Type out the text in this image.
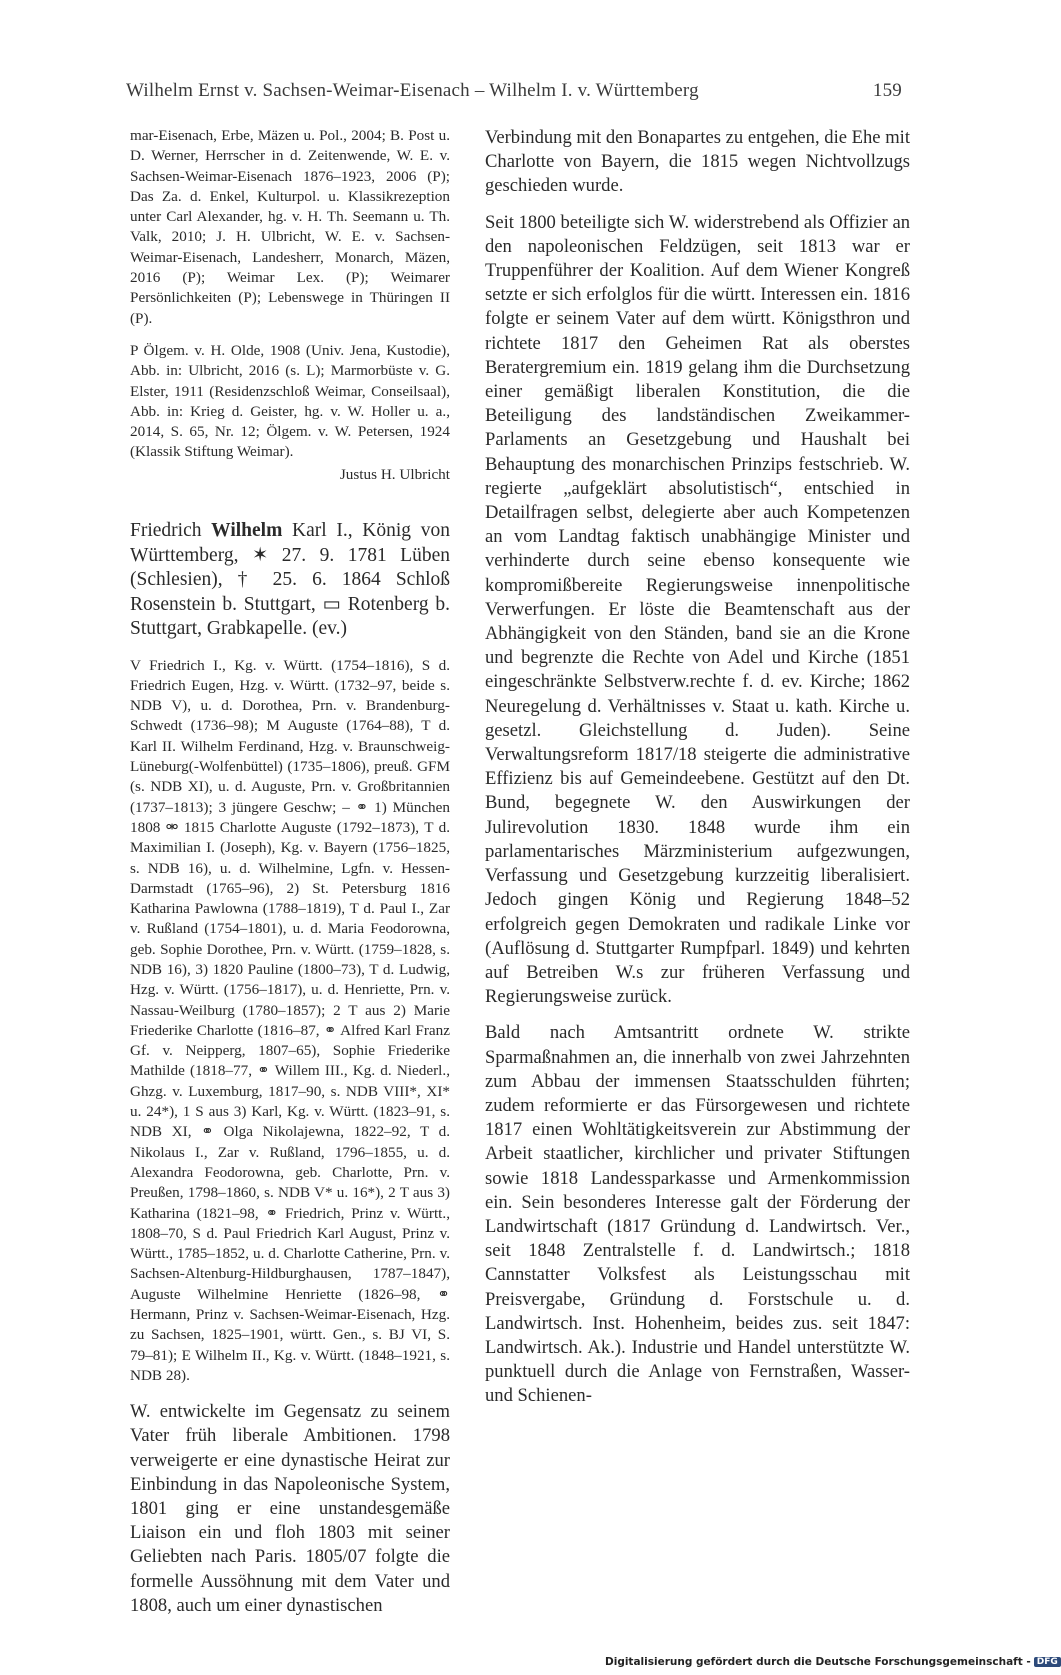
Wilhelm Ernst v. Sachsen-Weimar-Eisenach – Wilhelm I. v. Württemberg	159

mar-Eisenach, Erbe, Mäzen u. Pol., 2004; B. Post u. D. Werner, Herrscher in d. Zeitenwende, W. E. v. Sachsen-Weimar-Eisenach 1876–1923, 2006 (P); Das Za. d. Enkel, Kulturpol. u. Klassikrezeption unter Carl Alexander, hg. v. H. Th. Seemann u. Th. Valk, 2010; J. H. Ulbricht, W. E. v. Sachsen-Weimar-Eisenach, Landesherr, Monarch, Mäzen, 2016 (P); Weimar Lex. (P); Weimarer Persönlichkeiten (P); Lebenswege in Thüringen II (P).

P Ölgem. v. H. Olde, 1908 (Univ. Jena, Kustodie), Abb. in: Ulbricht, 2016 (s. L); Marmorbüste v. G. Elster, 1911 (Residenzschloß Weimar, Conseilsaal), Abb. in: Krieg d. Geister, hg. v. W. Holler u. a., 2014, S. 65, Nr. 12; Ölgem. v. W. Petersen, 1924 (Klassik Stiftung Weimar).

Justus H. Ulbricht

Friedrich Wilhelm Karl I., König von Württemberg, ✶ 27. 9. 1781 Lüben (Schlesien), † 25. 6. 1864 Schloß Rosenstein b. Stuttgart, ▭ Rotenberg b. Stuttgart, Grabkapelle. (ev.)

V Friedrich I., Kg. v. Württ. (1754–1816), S d. Friedrich Eugen, Hzg. v. Württ. (1732–97, beide s. NDB V), u. d. Dorothea, Prn. v. Brandenburg-Schwedt (1736–98); M Auguste (1764–88), T d. Karl II. Wilhelm Ferdinand, Hzg. v. Braunschweig-Lüneburg(-Wolfenbüttel) (1735–1806), preuß. GFM (s. NDB XI), u. d. Auguste, Prn. v. Großbritannien (1737–1813); 3 jüngere Geschw; – ⚭ 1) München 1808 ⚮ 1815 Charlotte Auguste (1792–1873), T d. Maximilian I. (Joseph), Kg. v. Bayern (1756–1825, s. NDB 16), u. d. Wilhelmine, Lgfn. v. Hessen-Darmstadt (1765–96), 2) St. Petersburg 1816 Katharina Pawlowna (1788–1819), T d. Paul I., Zar v. Rußland (1754–1801), u. d. Maria Feodorowna, geb. Sophie Dorothee, Prn. v. Württ. (1759–1828, s. NDB 16), 3) 1820 Pauline (1800–73), T d. Ludwig, Hzg. v. Württ. (1756–1817), u. d. Henriette, Prn. v. Nassau-Weilburg (1780–1857); 2 T aus 2) Marie Friederike Charlotte (1816–87, ⚭ Alfred Karl Franz Gf. v. Neipperg, 1807–65), Sophie Friederike Mathilde (1818–77, ⚭ Willem III., Kg. d. Niederl., Ghzg. v. Luxemburg, 1817–90, s. NDB VIII*, XI* u. 24*), 1 S aus 3) Karl, Kg. v. Württ. (1823–91, s. NDB XI, ⚭ Olga Nikolajewna, 1822–92, T d. Nikolaus I., Zar v. Rußland, 1796–1855, u. d. Alexandra Feodorowna, geb. Charlotte, Prn. v. Preußen, 1798–1860, s. NDB V* u. 16*), 2 T aus 3) Katharina (1821–98, ⚭ Friedrich, Prinz v. Württ., 1808–70, S d. Paul Friedrich Karl August, Prinz v. Württ., 1785–1852, u. d. Charlotte Catherine, Prn. v. Sachsen-Altenburg-Hildburghausen, 1787–1847), Auguste Wilhelmine Henriette (1826–98, ⚭ Hermann, Prinz v. Sachsen-Weimar-Eisenach, Hzg. zu Sachsen, 1825–1901, württ. Gen., s. BJ VI, S. 79–81); E Wilhelm II., Kg. v. Württ. (1848–1921, s. NDB 28).

W. entwickelte im Gegensatz zu seinem Vater früh liberale Ambitionen. 1798 verweigerte er eine dynastische Heirat zur Einbindung in das Napoleonische System, 1801 ging er eine unstandesgemäße Liaison ein und floh 1803 mit seiner Geliebten nach Paris. 1805/07 folgte die formelle Aussöhnung mit dem Vater und 1808, auch um einer dynastischen

Verbindung mit den Bonapartes zu entgehen, die Ehe mit Charlotte von Bayern, die 1815 wegen Nichtvollzugs geschieden wurde.

Seit 1800 beteiligte sich W. widerstrebend als Offizier an den napoleonischen Feldzügen, seit 1813 war er Truppenführer der Koalition. Auf dem Wiener Kongreß setzte er sich erfolglos für die württ. Interessen ein. 1816 folgte er seinem Vater auf dem württ. Königsthron und richtete 1817 den Geheimen Rat als oberstes Beratergremium ein. 1819 gelang ihm die Durchsetzung einer gemäßigt liberalen Konstitution, die die Beteiligung des landständischen Zweikammer-Parlaments an Gesetzgebung und Haushalt bei Behauptung des monarchischen Prinzips festschrieb. W. regierte „aufgeklärt absolutistisch“, entschied in Detailfragen selbst, delegierte aber auch Kompetenzen an vom Landtag faktisch unabhängige Minister und verhinderte durch seine ebenso konsequente wie kompromißbereite Regierungsweise innenpolitische Verwerfungen. Er löste die Beamtenschaft aus der Abhängigkeit von den Ständen, band sie an die Krone und begrenzte die Rechte von Adel und Kirche (1851 eingeschränkte Selbstverw.rechte f. d. ev. Kirche; 1862 Neuregelung d. Verhältnisses v. Staat u. kath. Kirche u. gesetzl. Gleichstellung d. Juden). Seine Verwaltungsreform 1817/18 steigerte die administrative Effizienz bis auf Gemeindeebene. Gestützt auf den Dt. Bund, begegnete W. den Auswirkungen der Julirevolution 1830. 1848 wurde ihm ein parlamentarisches Märzministerium aufgezwungen, Verfassung und Gesetzgebung kurzzeitig liberalisiert. Jedoch gingen König und Regierung 1848–52 erfolgreich gegen Demokraten und radikale Linke vor (Auflösung d. Stuttgarter Rumpfparl. 1849) und kehrten auf Betreiben W.s zur früheren Verfassung und Regierungsweise zurück.

Bald nach Amtsantritt ordnete W. strikte Sparmaßnahmen an, die innerhalb von zwei Jahrzehnten zum Abbau der immensen Staatsschulden führten; zudem reformierte er das Fürsorgewesen und richtete 1817 einen Wohltätigkeitsverein zur Abstimmung der Arbeit staatlicher, kirchlicher und privater Stiftungen sowie 1818 Landessparkasse und Armenkommission ein. Sein besonderes Interesse galt der Förderung der Landwirtschaft (1817 Gründung d. Landwirtsch. Ver., seit 1848 Zentralstelle f. d. Landwirtsch.; 1818 Cannstatter Volksfest als Leistungsschau mit Preisvergabe, Gründung d. Forstschule u. d. Landwirtsch. Inst. Hohenheim, beides zus. seit 1847: Landwirtsch. Ak.). Industrie und Handel unterstützte W. punktuell durch die Anlage von Fernstraßen, Wasser- und Schienen-

Digitalisierung gefördert durch die Deutsche Forschungsgemeinschaft - DFG
